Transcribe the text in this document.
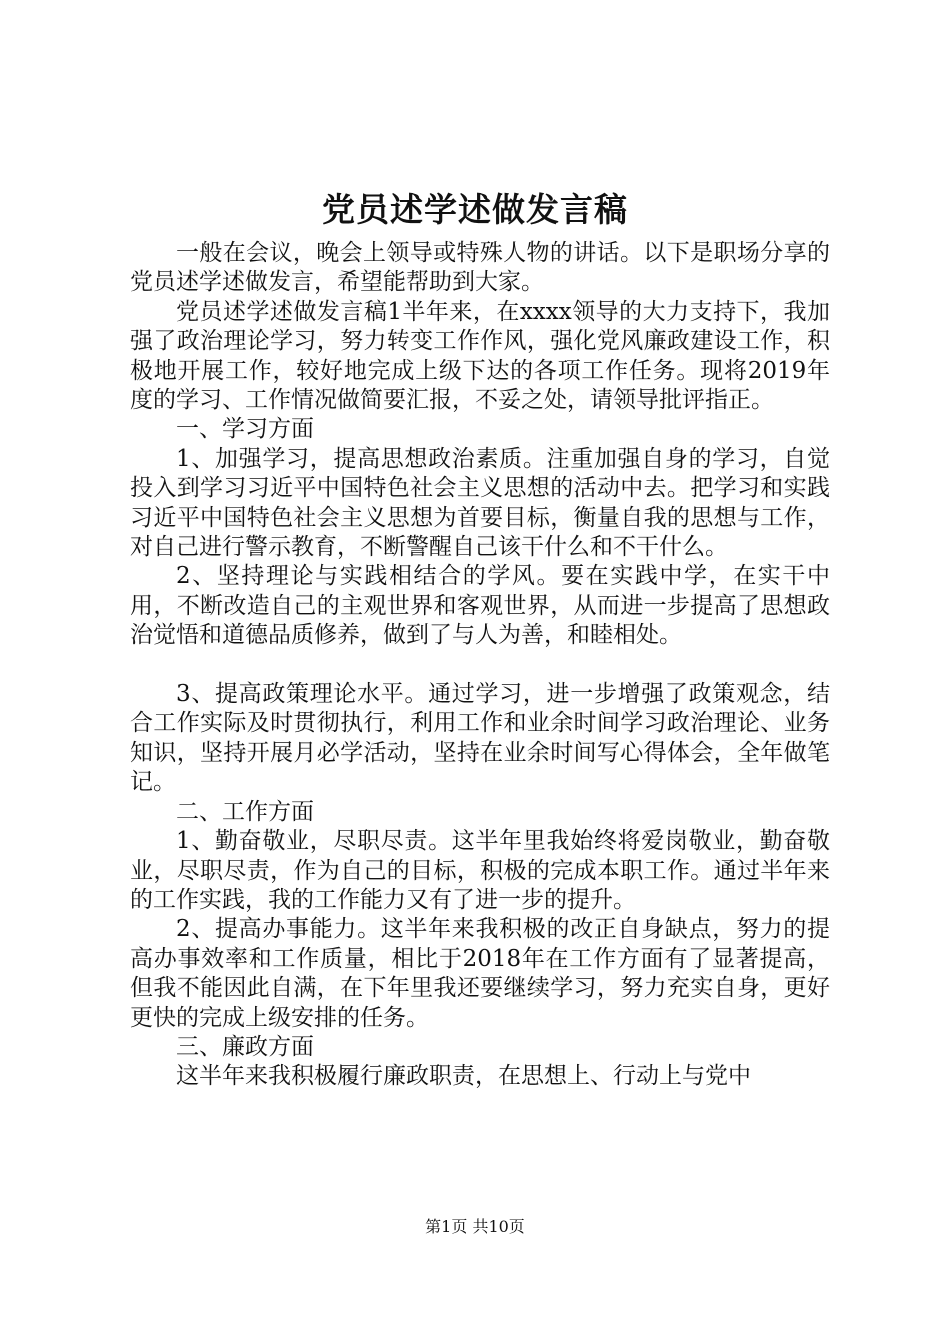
党员述学述做发言稿

一般在会议，晚会上领导或特殊人物的讲话。以下是职场分享的党员述学述做发言，希望能帮助到大家。

党员述学述做发言稿1半年来，在xxxx领导的大力支持下，我加强了政治理论学习，努力转变工作作风，强化党风廉政建设工作，积极地开展工作，较好地完成上级下达的各项工作任务。现将2019年度的学习、工作情况做简要汇报，不妥之处，请领导批评指正。

一、学习方面

1、加强学习，提高思想政治素质。注重加强自身的学习，自觉投入到学习习近平中国特色社会主义思想的活动中去。把学习和实践习近平中国特色社会主义思想为首要目标，衡量自我的思想与工作，对自己进行警示教育，不断警醒自己该干什么和不干什么。

2、坚持理论与实践相结合的学风。要在实践中学，在实干中用，不断改造自己的主观世界和客观世界，从而进一步提高了思想政治觉悟和道德品质修养，做到了与人为善，和睦相处。

3、提高政策理论水平。通过学习，进一步增强了政策观念，结合工作实际及时贯彻执行，利用工作和业余时间学习政治理论、业务知识，坚持开展月必学活动，坚持在业余时间写心得体会，全年做笔记。

二、工作方面

1、勤奋敬业，尽职尽责。这半年里我始终将爱岗敬业，勤奋敬业，尽职尽责，作为自己的目标，积极的完成本职工作。通过半年来的工作实践，我的工作能力又有了进一步的提升。

2、提高办事能力。这半年来我积极的改正自身缺点，努力的提高办事效率和工作质量，相比于2018年在工作方面有了显著提高，但我不能因此自满，在下年里我还要继续学习，努力充实自身，更好更快的完成上级安排的任务。

三、廉政方面

这半年来我积极履行廉政职责，在思想上、行动上与党中

第1页 共10页
